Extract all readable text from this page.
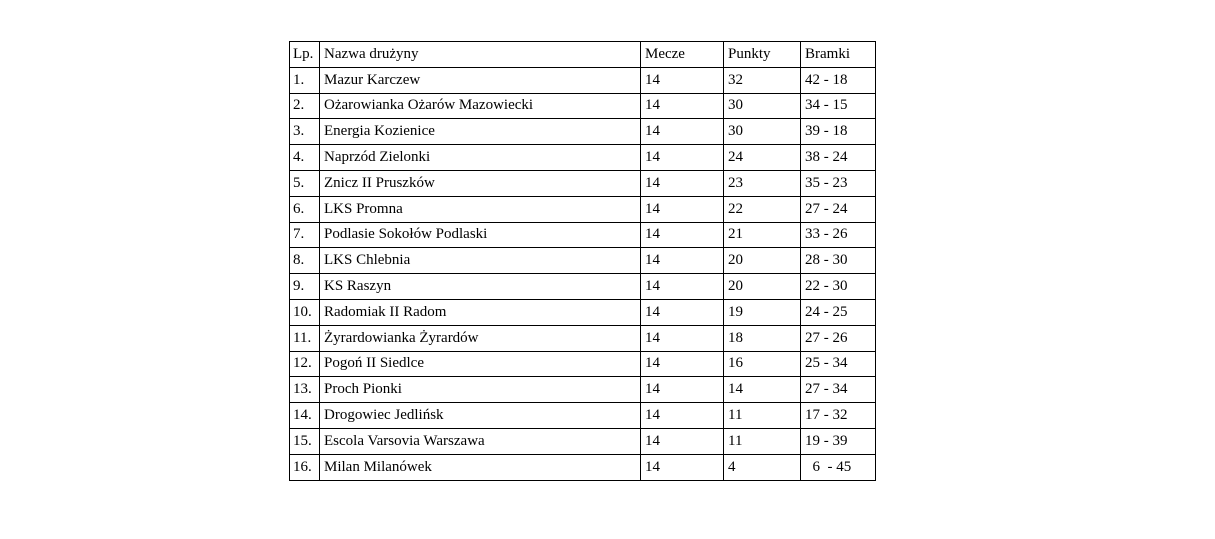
Lp.	Nazwa drużyny	Mecze	Punkty	Bramki
1.	Mazur Karczew	14	32	42 - 18
2.	Ożarowianka Ożarów Mazowiecki	14	30	34 - 15
3.	Energia Kozienice	14	30	39 - 18
4.	Naprzód Zielonki	14	24	38 - 24
5.	Znicz II Pruszków	14	23	35 - 23
6.	LKS Promna	14	22	27 - 24
7.	Podlasie Sokołów Podlaski	14	21	33 - 26
8.	LKS Chlebnia	14	20	28 - 30
9.	KS Raszyn	14	20	22 - 30
10.	Radomiak II Radom	14	19	24 - 25
11.	Żyrardowianka Żyrardów	14	18	27 - 26
12.	Pogoń II Siedlce	14	16	25 - 34
13.	Proch Pionki	14	14	27 - 34
14.	Drogowiec Jedlińsk	14	11	17 - 32
15.	Escola Varsovia Warszawa	14	11	19 - 39
16.	Milan Milanówek	14	4	6  - 45
